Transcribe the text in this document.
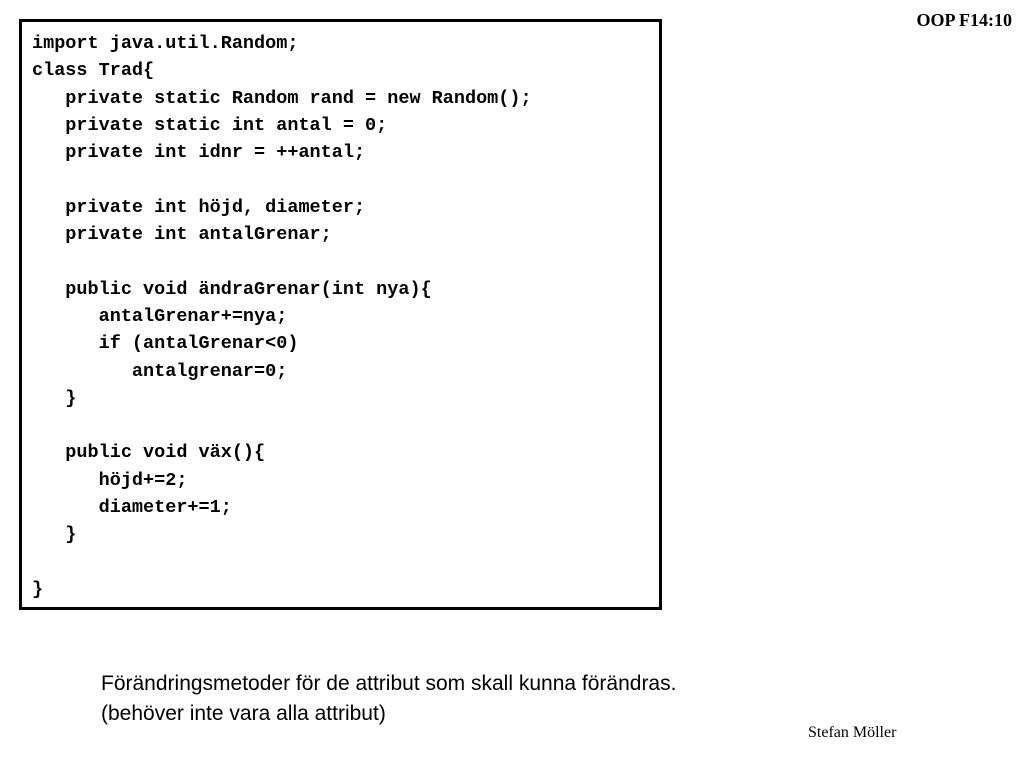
OOP F14:10
import java.util.Random;
class Trad{
private static Random rand = new Random();
private static int antal = 0;
private int idnr = ++antal;
private int höjd, diameter;
private int antalGrenar;
public void ändraGrenar(int nya){
antalGrenar+=nya;
if (antalGrenar<0)
antalgrenar=0;
}
public void väx(){
höjd+=2;
diameter+=1;
}
}
Förändringsmetoder för de attribut som skall kunna förändras.
(behöver inte vara alla attribut)
Stefan Möller
